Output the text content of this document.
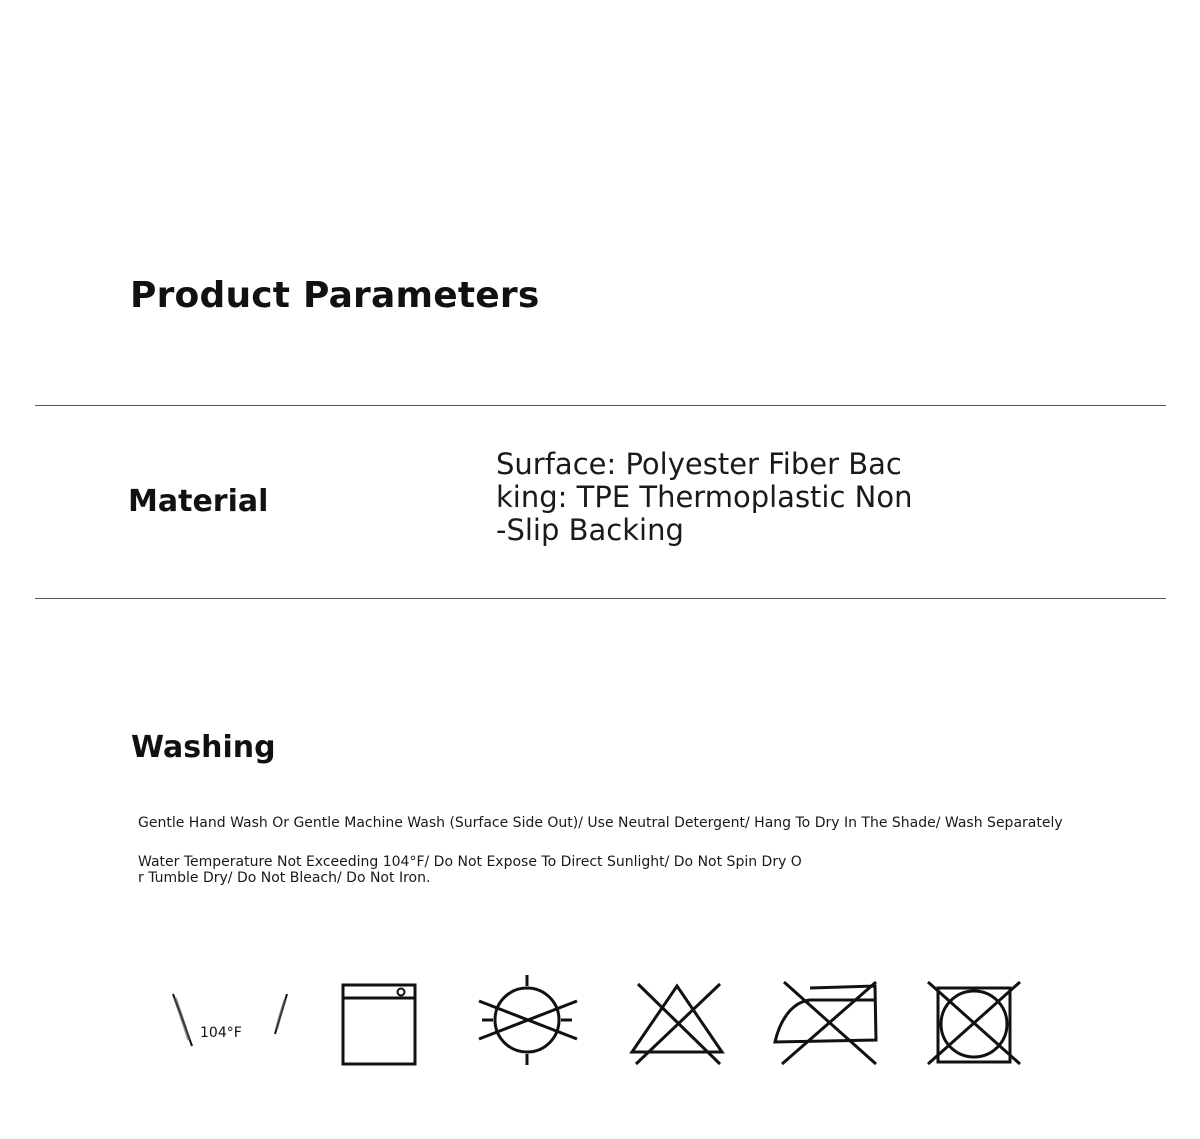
Product Parameters
Material
Surface: Polyester Fiber Backing: TPE Thermoplastic Non-Slip Backing
Washing
Gentle Hand Wash Or Gentle Machine Wash (Surface Side Out)/ Use Neutral Detergent/ Hang To Dry In The Shade/ Wash Separately
Water Temperature Not Exceeding 104°F/ Do Not Expose To Direct Sunlight/ Do Not Spin Dry Or Tumble Dry/ Do Not Bleach/ Do Not Iron.
104°F
